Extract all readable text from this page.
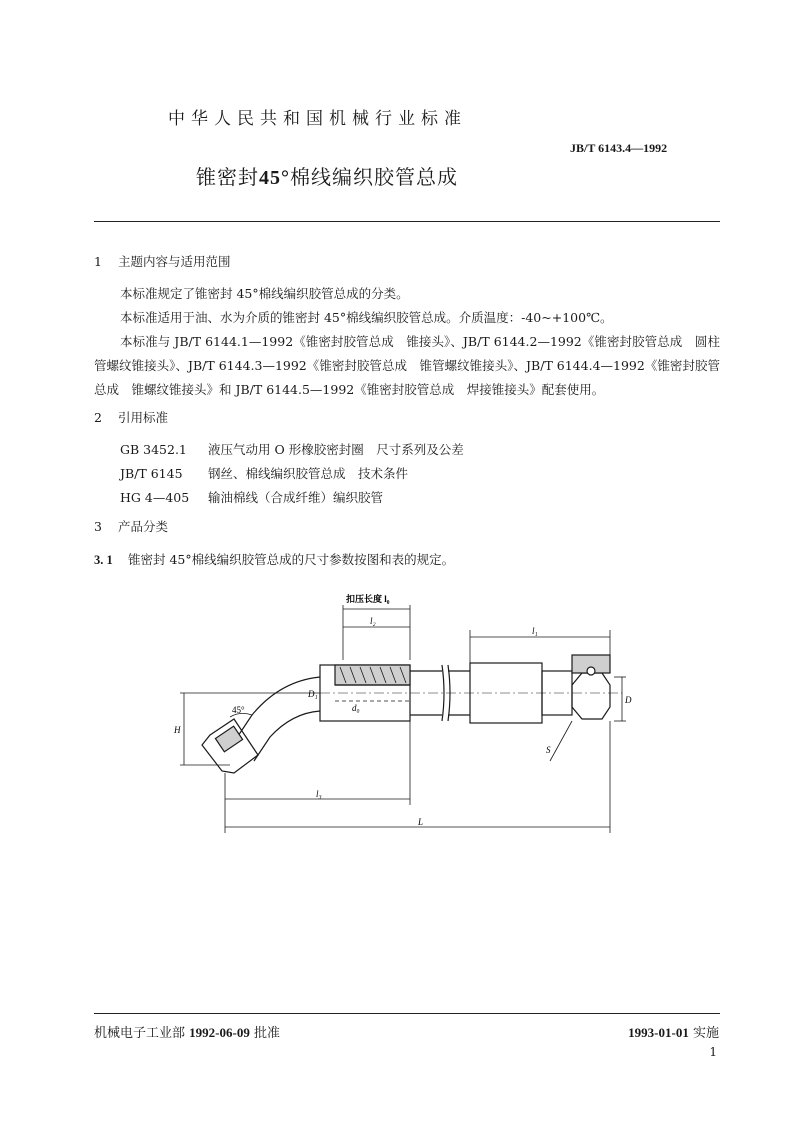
中华人民共和国机械行业标准
JB/T 6143.4—1992
锥密封45°棉线编织胶管总成
1 主题内容与适用范围
本标准规定了锥密封 45°棉线编织胶管总成的分类。
本标准适用于油、水为介质的锥密封 45°棉线编织胶管总成。介质温度：-40~+100℃。
本标准与 JB/T 6144.1—1992《锥密封胶管总成　锥接头》、JB/T 6144.2—1992《锥密封胶管总成　圆柱管螺纹锥接头》、JB/T 6144.3—1992《锥密封胶管总成　锥管螺纹锥接头》、JB/T 6144.4—1992《锥密封胶管总成　锥螺纹锥接头》和 JB/T 6144.5—1992《锥密封胶管总成　焊接锥接头》配套使用。
2 引用标准
GB 3452.1 液压气动用 O 形橡胶密封圈　尺寸系列及公差
JB/T 6145 钢丝、棉线编织胶管总成　技术条件
HG 4—405 输油棉线（合成纤维）编织胶管
3 产品分类
3. 1 锥密封 45°棉线编织胶管总成的尺寸参数按图和表的规定。
扣压长度 l₀
l₂
l₁
l₃
L
H
D
D₁
d₀
S
45°
机械电子工业部 1992-06-09 批准	1993-01-01 实施
1
